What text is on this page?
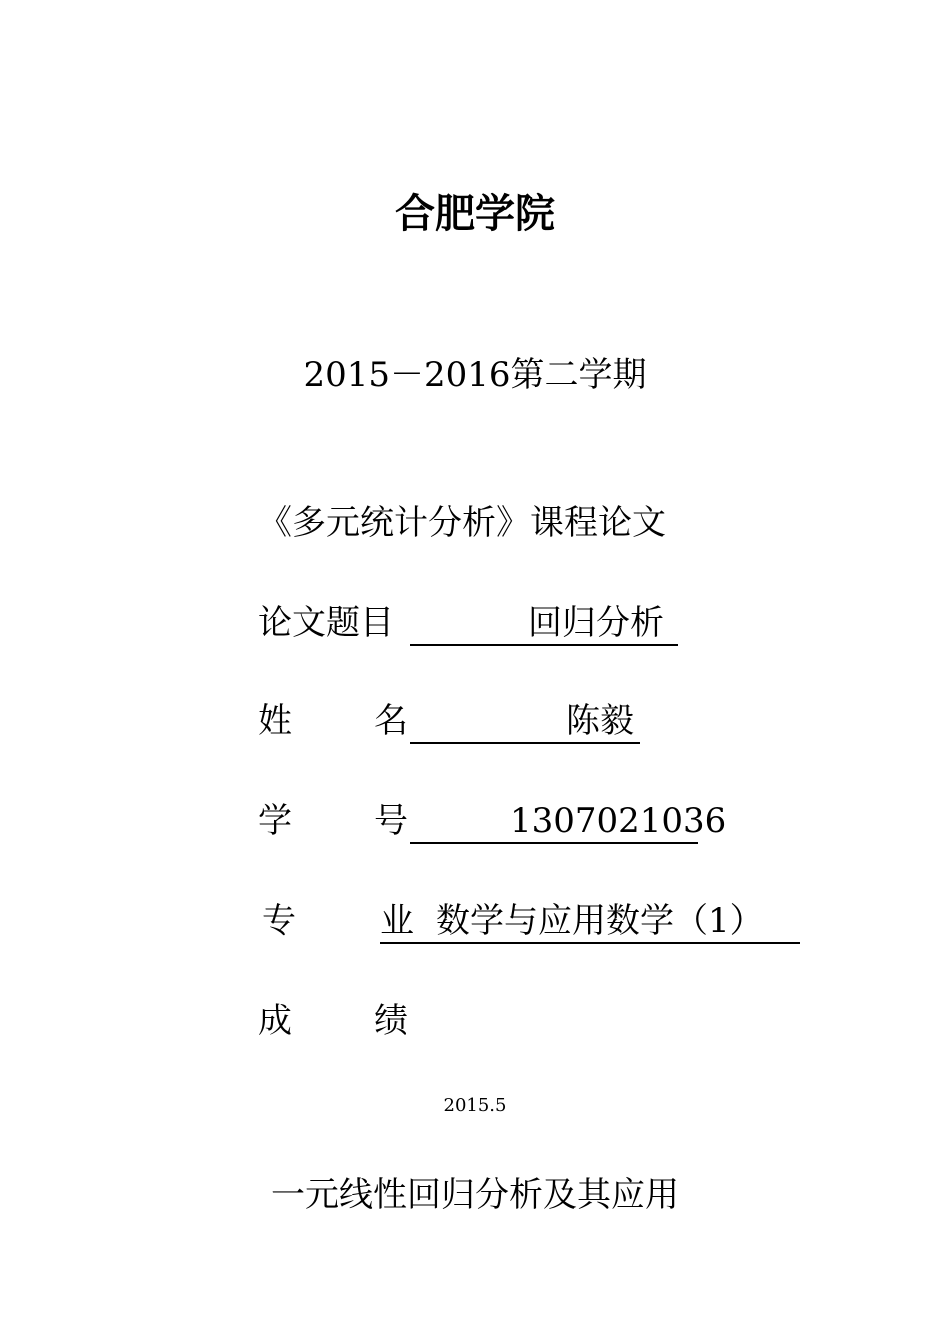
合肥学院
2015－2016第二学期
《多元统计分析》课程论文
论文题目	回归分析
姓 名	陈毅
学 号	1307021036
专 业 数学与应用数学（1）
成 绩
2015.5
一元线性回归分析及其应用
